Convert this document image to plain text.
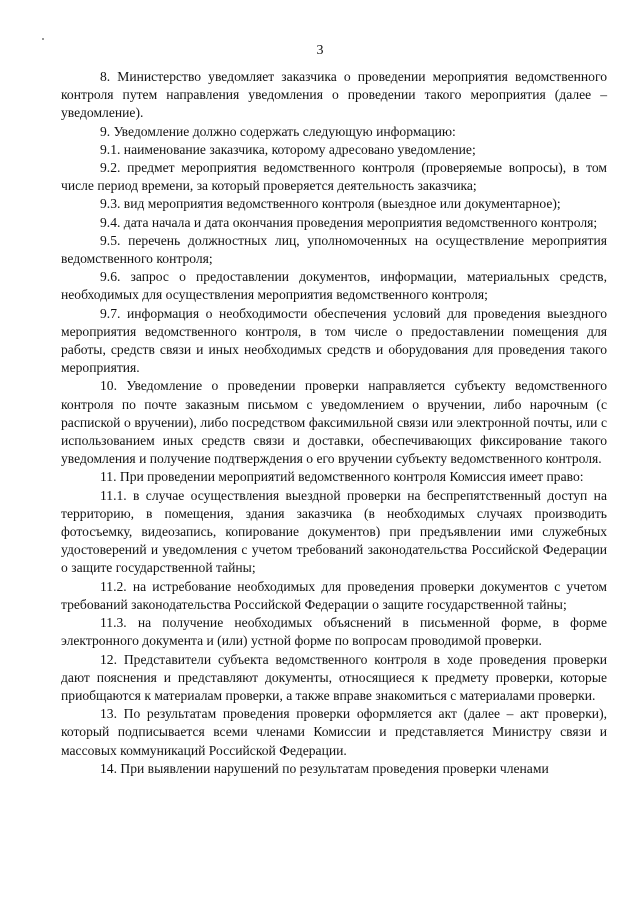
3

8. Министерство уведомляет заказчика о проведении мероприятия ведомственного контроля путем направления уведомления о проведении такого мероприятия (далее – уведомление).

9. Уведомление должно содержать следующую информацию:

9.1. наименование заказчика, которому адресовано уведомление;

9.2. предмет мероприятия ведомственного контроля (проверяемые вопросы), в том числе период времени, за который проверяется деятельность заказчика;

9.3. вид мероприятия ведомственного контроля (выездное или документарное);

9.4. дата начала и дата окончания проведения мероприятия ведомственного контроля;

9.5. перечень должностных лиц, уполномоченных на осуществление мероприятия ведомственного контроля;

9.6. запрос о предоставлении документов, информации, материальных средств, необходимых для осуществления мероприятия ведомственного контроля;

9.7. информация о необходимости обеспечения условий для проведения выездного мероприятия ведомственного контроля, в том числе о предоставлении помещения для работы, средств связи и иных необходимых средств и оборудования для проведения такого мероприятия.

10. Уведомление о проведении проверки направляется субъекту ведомственного контроля по почте заказным письмом с уведомлением о вручении, либо нарочным (с распиской о вручении), либо посредством факсимильной связи или электронной почты, или с использованием иных средств связи и доставки, обеспечивающих фиксирование такого уведомления и получение подтверждения о его вручении субъекту ведомственного контроля.

11. При проведении мероприятий ведомственного контроля Комиссия имеет право:

11.1. в случае осуществления выездной проверки на беспрепятственный доступ на территорию, в помещения, здания заказчика (в необходимых случаях производить фотосъемку, видеозапись, копирование документов) при предъявлении ими служебных удостоверений и уведомления с учетом требований законодательства Российской Федерации о защите государственной тайны;

11.2. на истребование необходимых для проведения проверки документов с учетом требований законодательства Российской Федерации о защите государственной тайны;

11.3. на получение необходимых объяснений в письменной форме, в форме электронного документа и (или) устной форме по вопросам проводимой проверки.

12. Представители субъекта ведомственного контроля в ходе проведения проверки дают пояснения и представляют документы, относящиеся к предмету проверки, которые приобщаются к материалам проверки, а также вправе знакомиться с материалами проверки.

13. По результатам проведения проверки оформляется акт (далее – акт проверки), который подписывается всеми членами Комиссии и представляется Министру связи и массовых коммуникаций Российской Федерации.

14. При выявлении нарушений по результатам проведения проверки членами
